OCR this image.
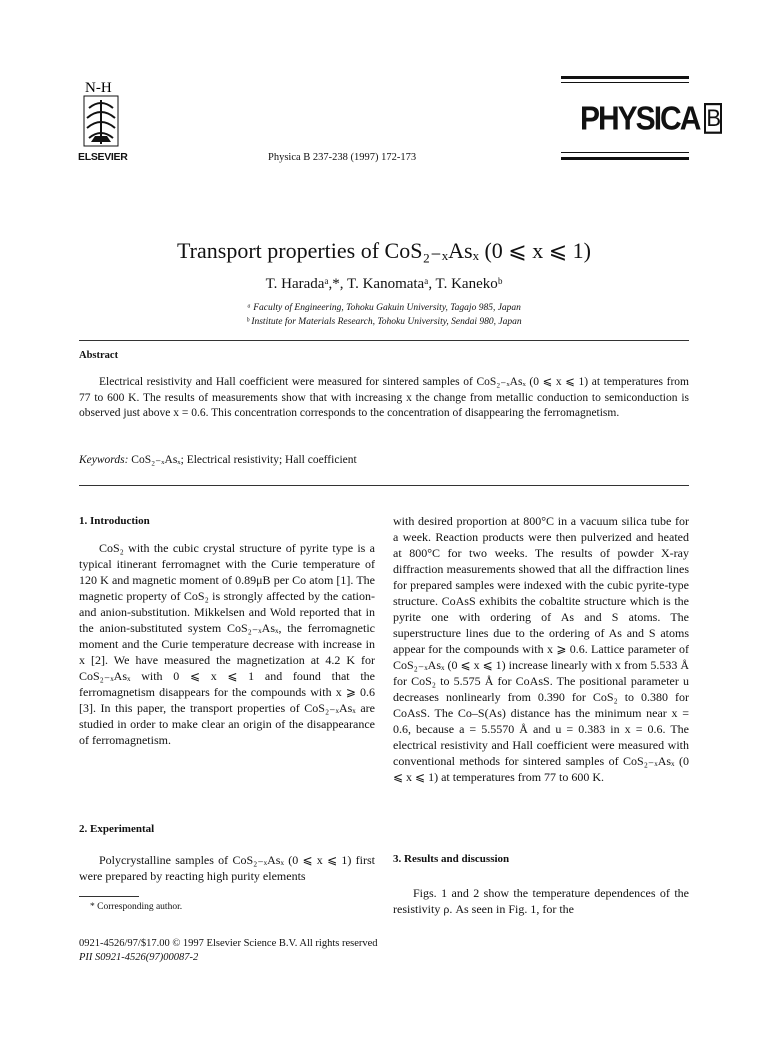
N-H
ELSEVIER	Physica B 237-238 (1997) 172-173
PHYSICA B
Transport properties of CoS₂₋ₓAsₓ (0 ⩽ x ⩽ 1)
T. Haradaᵃ,*, T. Kanomataᵃ, T. Kanekoᵇ
ᵃ Faculty of Engineering, Tohoku Gakuin University, Tagajo 985, Japan
ᵇ Institute for Materials Research, Tohoku University, Sendai 980, Japan
Abstract
Electrical resistivity and Hall coefficient were measured for sintered samples of CoS₂₋ₓAsₓ (0 ⩽ x ⩽ 1) at temperatures from 77 to 600 K. The results of measurements show that with increasing x the change from metallic conduction to semiconduction is observed just above x = 0.6. This concentration corresponds to the concentration of disappearing the ferromagnetism.
Keywords: CoS₂₋ₓAsₓ; Electrical resistivity; Hall coefficient
1. Introduction

CoS₂ with the cubic crystal structure of pyrite type is a typical itinerant ferromagnet with the Curie temperature of 120 K and magnetic moment of 0.89μB per Co atom [1]. The magnetic property of CoS₂ is strongly affected by the cation- and anion-substitution. Mikkelsen and Wold reported that in the anion-substituted system CoS₂₋ₓAsₓ, the ferromagnetic moment and the Curie temperature decrease with increase in x [2]. We have measured the magnetization at 4.2 K for CoS₂₋ₓAsₓ with 0 ⩽ x ⩽ 1 and found that the ferromagnetism disappears for the compounds with x ⩾ 0.6 [3]. In this paper, the transport properties of CoS₂₋ₓAsₓ are studied in order to make clear an origin of the disappearance of ferromagnetism.

2. Experimental

Polycrystalline samples of CoS₂₋ₓAsₓ (0 ⩽ x ⩽ 1) first were prepared by reacting high purity elements

* Corresponding author.

with desired proportion at 800°C in a vacuum silica tube for a week. Reaction products were then pulverized and heated at 800°C for two weeks. The results of powder X-ray diffraction measurements showed that all the diffraction lines for prepared samples were indexed with the cubic pyrite-type structure. CoAsS exhibits the cobaltite structure which is the pyrite one with ordering of As and S atoms. The superstructure lines due to the ordering of As and S atoms appear for the compounds with x ⩾ 0.6. Lattice parameter of CoS₂₋ₓAsₓ (0 ⩽ x ⩽ 1) increase linearly with x from 5.533 Å for CoS₂ to 5.575 Å for CoAsS. The positional parameter u decreases nonlinearly from 0.390 for CoS₂ to 0.380 for CoAsS. The Co–S(As) distance has the minimum near x = 0.6, because a = 5.5570 Å and u = 0.383 in x = 0.6. The electrical resistivity and Hall coefficient were measured with conventional methods for sintered samples of CoS₂₋ₓAsₓ (0 ⩽ x ⩽ 1) at temperatures from 77 to 600 K.

3. Results and discussion

Figs. 1 and 2 show the temperature dependences of the resistivity ρ. As seen in Fig. 1, for the

0921-4526/97/$17.00 © 1997 Elsevier Science B.V. All rights reserved
PII S0921-4526(97)00087-2
